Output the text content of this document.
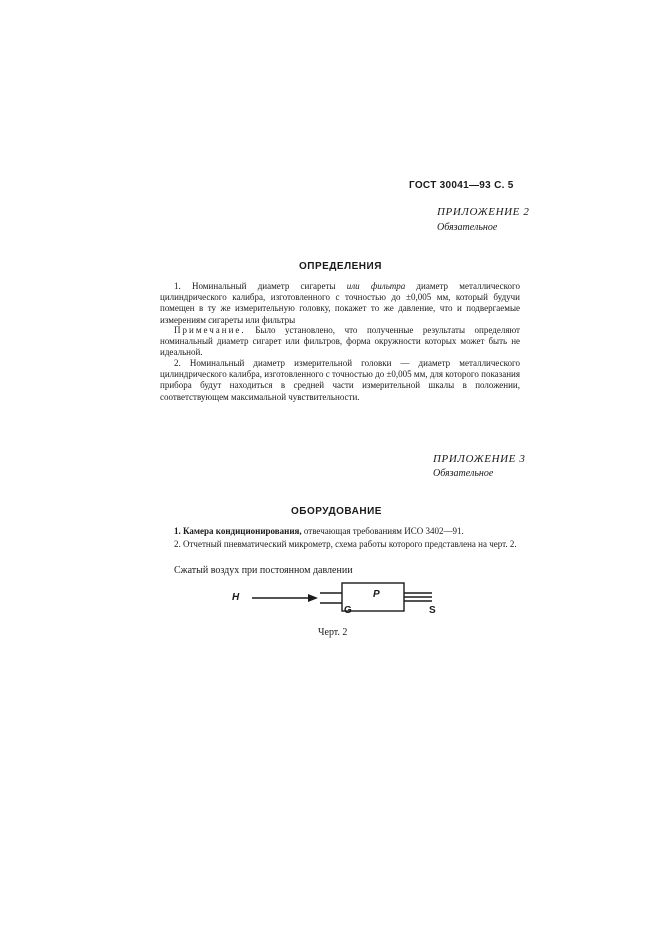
ГОСТ 30041—93 С. 5
ПРИЛОЖЕНИЕ 2
Обязательное
ОПРЕДЕЛЕНИЯ

1. Номинальный диаметр сигареты или фильтра диаметр металлического цилиндрического калибра, изготовленного с точностью до ±0,005 мм, который будучи помещен в ту же измерительную головку, покажет то же давление, что и подвергаемые измерениям сигареты или фильтры

Примечание. Было установлено, что полученные результаты определяют номинальный диаметр сигарет или фильтров, форма окружности которых может быть не идеальной.

2. Номинальный диаметр измерительной головки — диаметр металлического цилиндрического калибра, изготовленного с точностью до ±0,005 мм, для которого показания прибора будут находиться в средней части измерительной шкалы в положении, соответствующем максимальной чувствительности.

ПРИЛОЖЕНИЕ 3
Обязательное
ОБОРУДОВАНИЕ

1. Камера кондиционирования, отвечающая требованиям ИСО 3402—91.

2. Отчетный пневматический микрометр, схема работы которого представлена на черт. 2.

Сжатый воздух при постоянном давлении
H
G
P
S
Черт. 2
